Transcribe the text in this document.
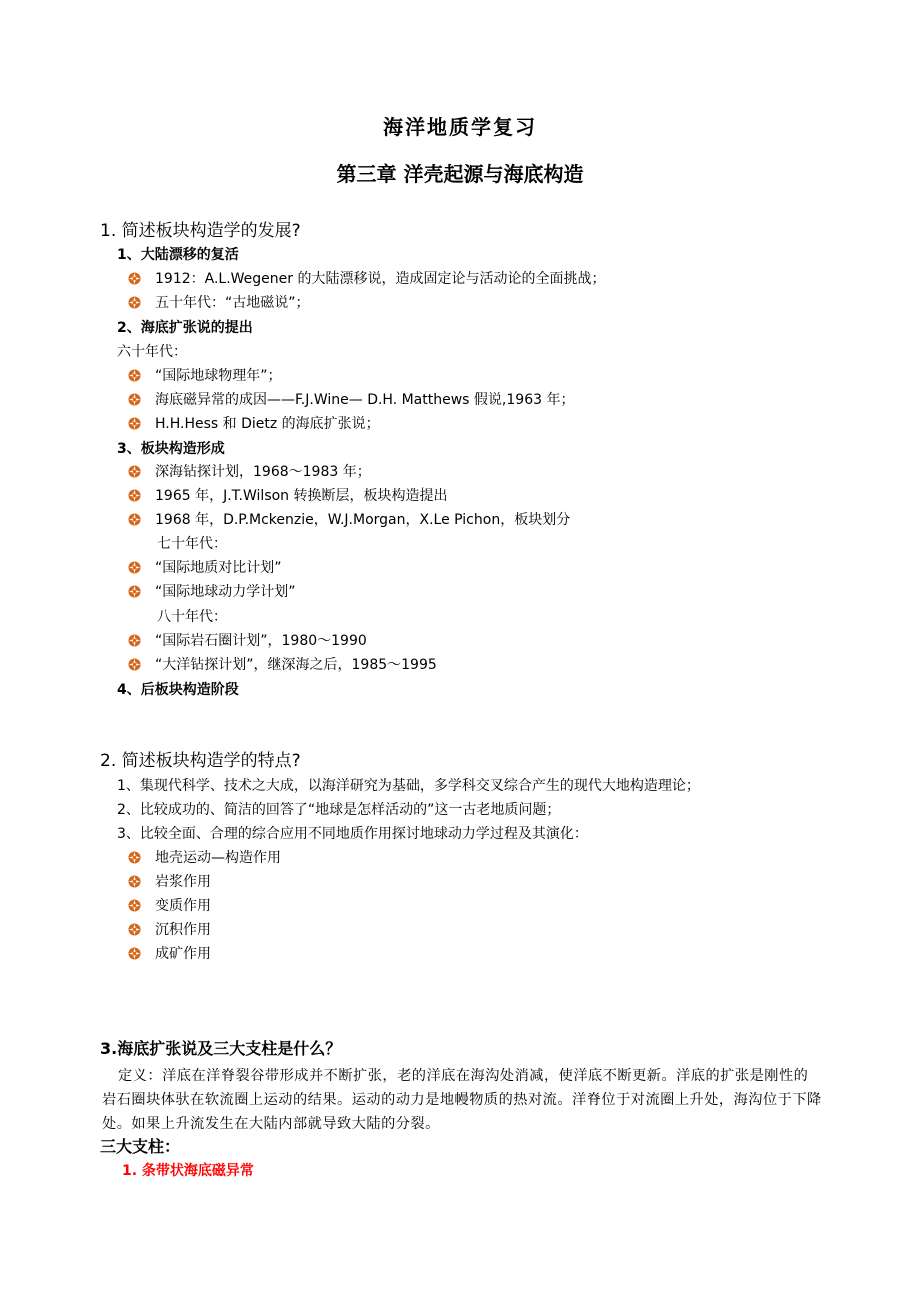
海洋地质学复习
第三章 洋壳起源与海底构造
1. 简述板块构造学的发展?
1、大陆漂移的复活
1912：A.L.Wegener 的大陆漂移说，造成固定论与活动论的全面挑战；
五十年代：“古地磁说”；
2、海底扩张说的提出
六十年代：
“国际地球物理年”；
海底磁异常的成因——F.J.Wine— D.H. Matthews 假说,1963 年；
H.H.Hess 和 Dietz 的海底扩张说；
3、板块构造形成
深海钻探计划，1968～1983 年；
1965 年，J.T.Wilson 转换断层，板块构造提出
1968 年，D.P.Mckenzie，W.J.Morgan，X.Le Pichon，板块划分
七十年代：
“国际地质对比计划”
“国际地球动力学计划”
八十年代：
“国际岩石圈计划”，1980～1990
“大洋钻探计划”，继深海之后，1985～1995
4、后板块构造阶段
2. 简述板块构造学的特点?
1、集现代科学、技术之大成，以海洋研究为基础，多学科交叉综合产生的现代大地构造理论；
2、比较成功的、简洁的回答了“地球是怎样活动的”这一古老地质问题；
3、比较全面、合理的综合应用不同地质作用探讨地球动力学过程及其演化：
地壳运动—构造作用
岩浆作用
变质作用
沉积作用
成矿作用
3.海底扩张说及三大支柱是什么？
定义：洋底在洋脊裂谷带形成并不断扩张，老的洋底在海沟处消减，使洋底不断更新。洋底的扩张是刚性的岩石圈块体驮在软流圈上运动的结果。运动的动力是地幔物质的热对流。洋脊位于对流圈上升处，海沟位于下降处。如果上升流发生在大陆内部就导致大陆的分裂。
三大支柱：
1. 条带状海底磁异常
